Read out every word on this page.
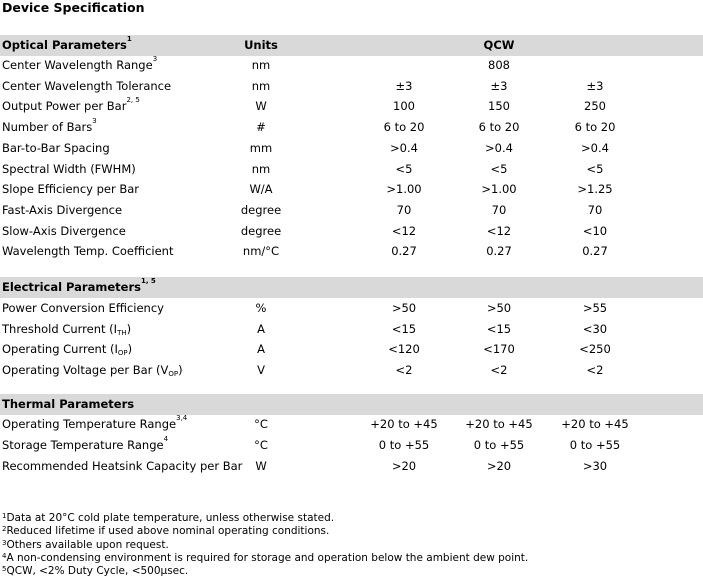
Device Specification
Optical Parameters$^1$	Units	QCW
Center Wavelength Range$^3$	nm	808
Center Wavelength Tolerance	nm	±3	±3	±3
Output Power per Bar$^{2, 5}$	W	100	150	250
Number of Bars$^3$	#	6 to 20	6 to 20	6 to 20
Bar-to-Bar Spacing	mm	>0.4	>0.4	>0.4
Spectral Width (FWHM)	nm	<5	<5	<5
Slope Efficiency per Bar	W/A	>1.00	>1.00	>1.25
Fast-Axis Divergence	degree	70	70	70
Slow-Axis Divergence	degree	<12	<12	<10
Wavelength Temp. Coefficient	nm/°C	0.27	0.27	0.27
Electrical Parameters$^{1, 5}$
Power Conversion Efficiency	%	>50	>50	>55
Threshold Current $(I_{TH})$	A	<15	<15	<30
Operating Current $(I_{OP})$	A	<120	<170	<250
Operating Voltage per Bar $(V_{OP})$	V	<2	<2	<2
Thermal Parameters
Operating Temperature Range$^{3,4}$	°C	+20 to +45	+20 to +45	+20 to +45
Storage Temperature Range$^4$	°C	0 to +55	0 to +55	0 to +55
Recommended Heatsink Capacity per Bar	W	>20	>20	>30
$^1$Data at 20°C cold plate temperature, unless otherwise stated.
$^2$Reduced lifetime if used above nominal operating conditions.
$^3$Others available upon request.
$^4$A non-condensing environment is required for storage and operation below the ambient dew point.
$^5$QCW, <2% Duty Cycle, <500μsec.
